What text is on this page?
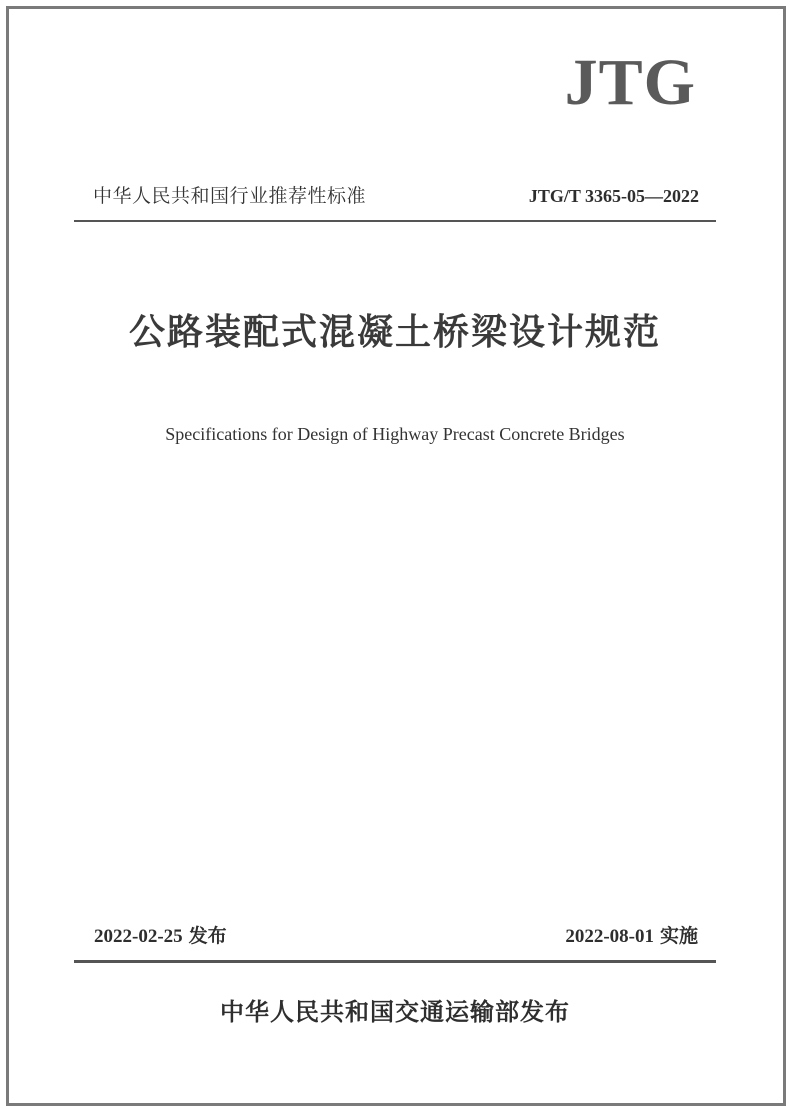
JTG
中华人民共和国行业推荐性标准	JTG/T 3365-05—2022
公路装配式混凝土桥梁设计规范
Specifications for Design of Highway Precast Concrete Bridges
2022-02-25 发布	2022-08-01 实施
中华人民共和国交通运输部发布
